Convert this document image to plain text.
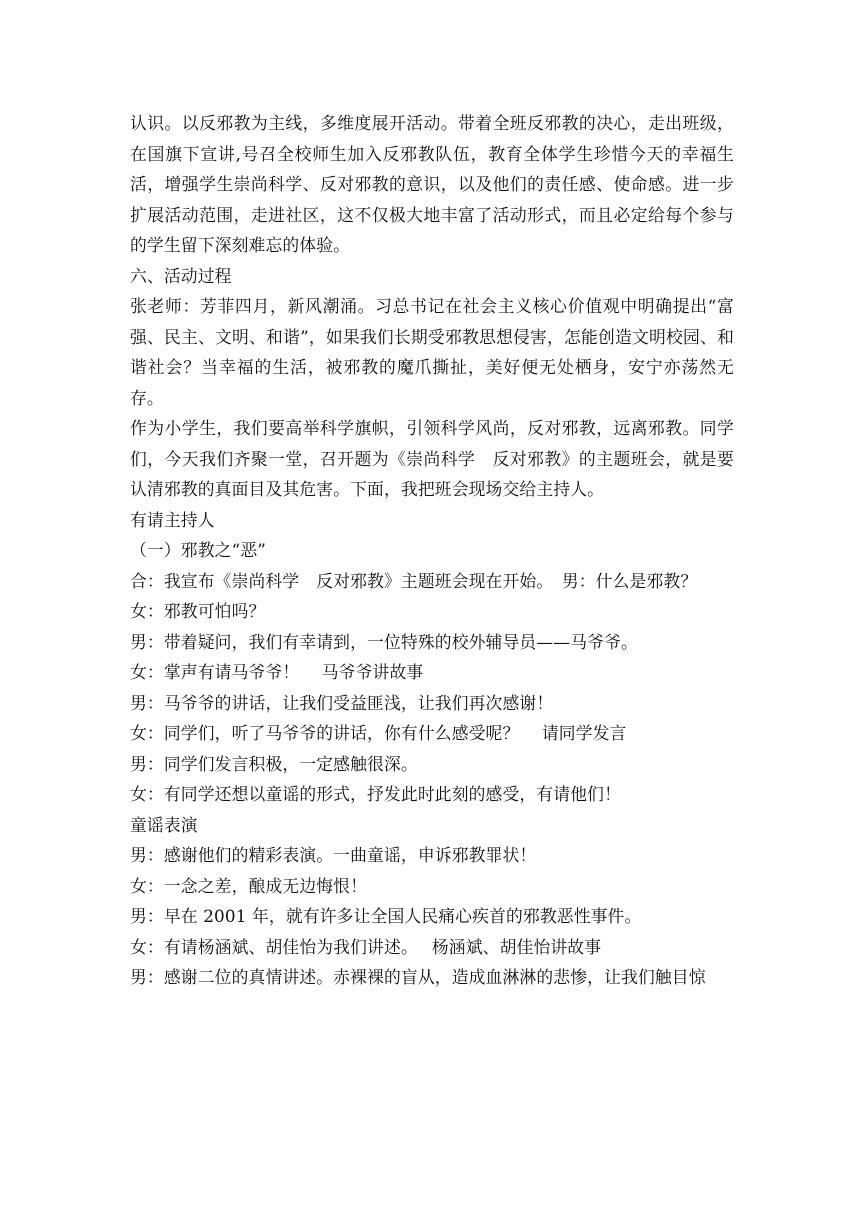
认识。以反邪教为主线，多维度展开活动。带着全班反邪教的决心，走出班级，在国旗下宣讲,号召全校师生加入反邪教队伍，教育全体学生珍惜今天的幸福生活，增强学生崇尚科学、反对邪教的意识，以及他们的责任感、使命感。进一步扩展活动范围，走进社区，这不仅极大地丰富了活动形式，而且必定给每个参与的学生留下深刻难忘的体验。

六、活动过程

张老师：芳菲四月，新风潮涌。习总书记在社会主义核心价值观中明确提出“富强、民主、文明、和谐”，如果我们长期受邪教思想侵害，怎能创造文明校园、和谐社会？当幸福的生活，被邪教的魔爪撕扯，美好便无处栖身，安宁亦荡然无存。

作为小学生，我们要高举科学旗帜，引领科学风尚，反对邪教，远离邪教。同学们，今天我们齐聚一堂，召开题为《崇尚科学　反对邪教》的主题班会，就是要认清邪教的真面目及其危害。下面，我把班会现场交给主持人。

有请主持人

（一）邪教之“恶”

合：我宣布《崇尚科学　反对邪教》主题班会现在开始。　男：什么是邪教？

女：邪教可怕吗？

男：带着疑问，我们有幸请到，一位特殊的校外辅导员——马爷爷。

女：掌声有请马爷爷！　 马爷爷讲故事

男：马爷爷的讲话，让我们受益匪浅，让我们再次感谢！

女：同学们，听了马爷爷的讲话，你有什么感受呢？　 请同学发言

男：同学们发言积极，一定感触很深。

女：有同学还想以童谣的形式，抒发此时此刻的感受，有请他们！

童谣表演

男：感谢他们的精彩表演。一曲童谣，申诉邪教罪状！

女：一念之差，酿成无边悔恨！

男：早在 2001 年，就有许多让全国人民痛心疾首的邪教恶性事件。

女：有请杨涵斌、胡佳怡为我们讲述。　 杨涵斌、胡佳怡讲故事

男：感谢二位的真情讲述。赤裸裸的盲从，造成血淋淋的悲惨，让我们触目惊
